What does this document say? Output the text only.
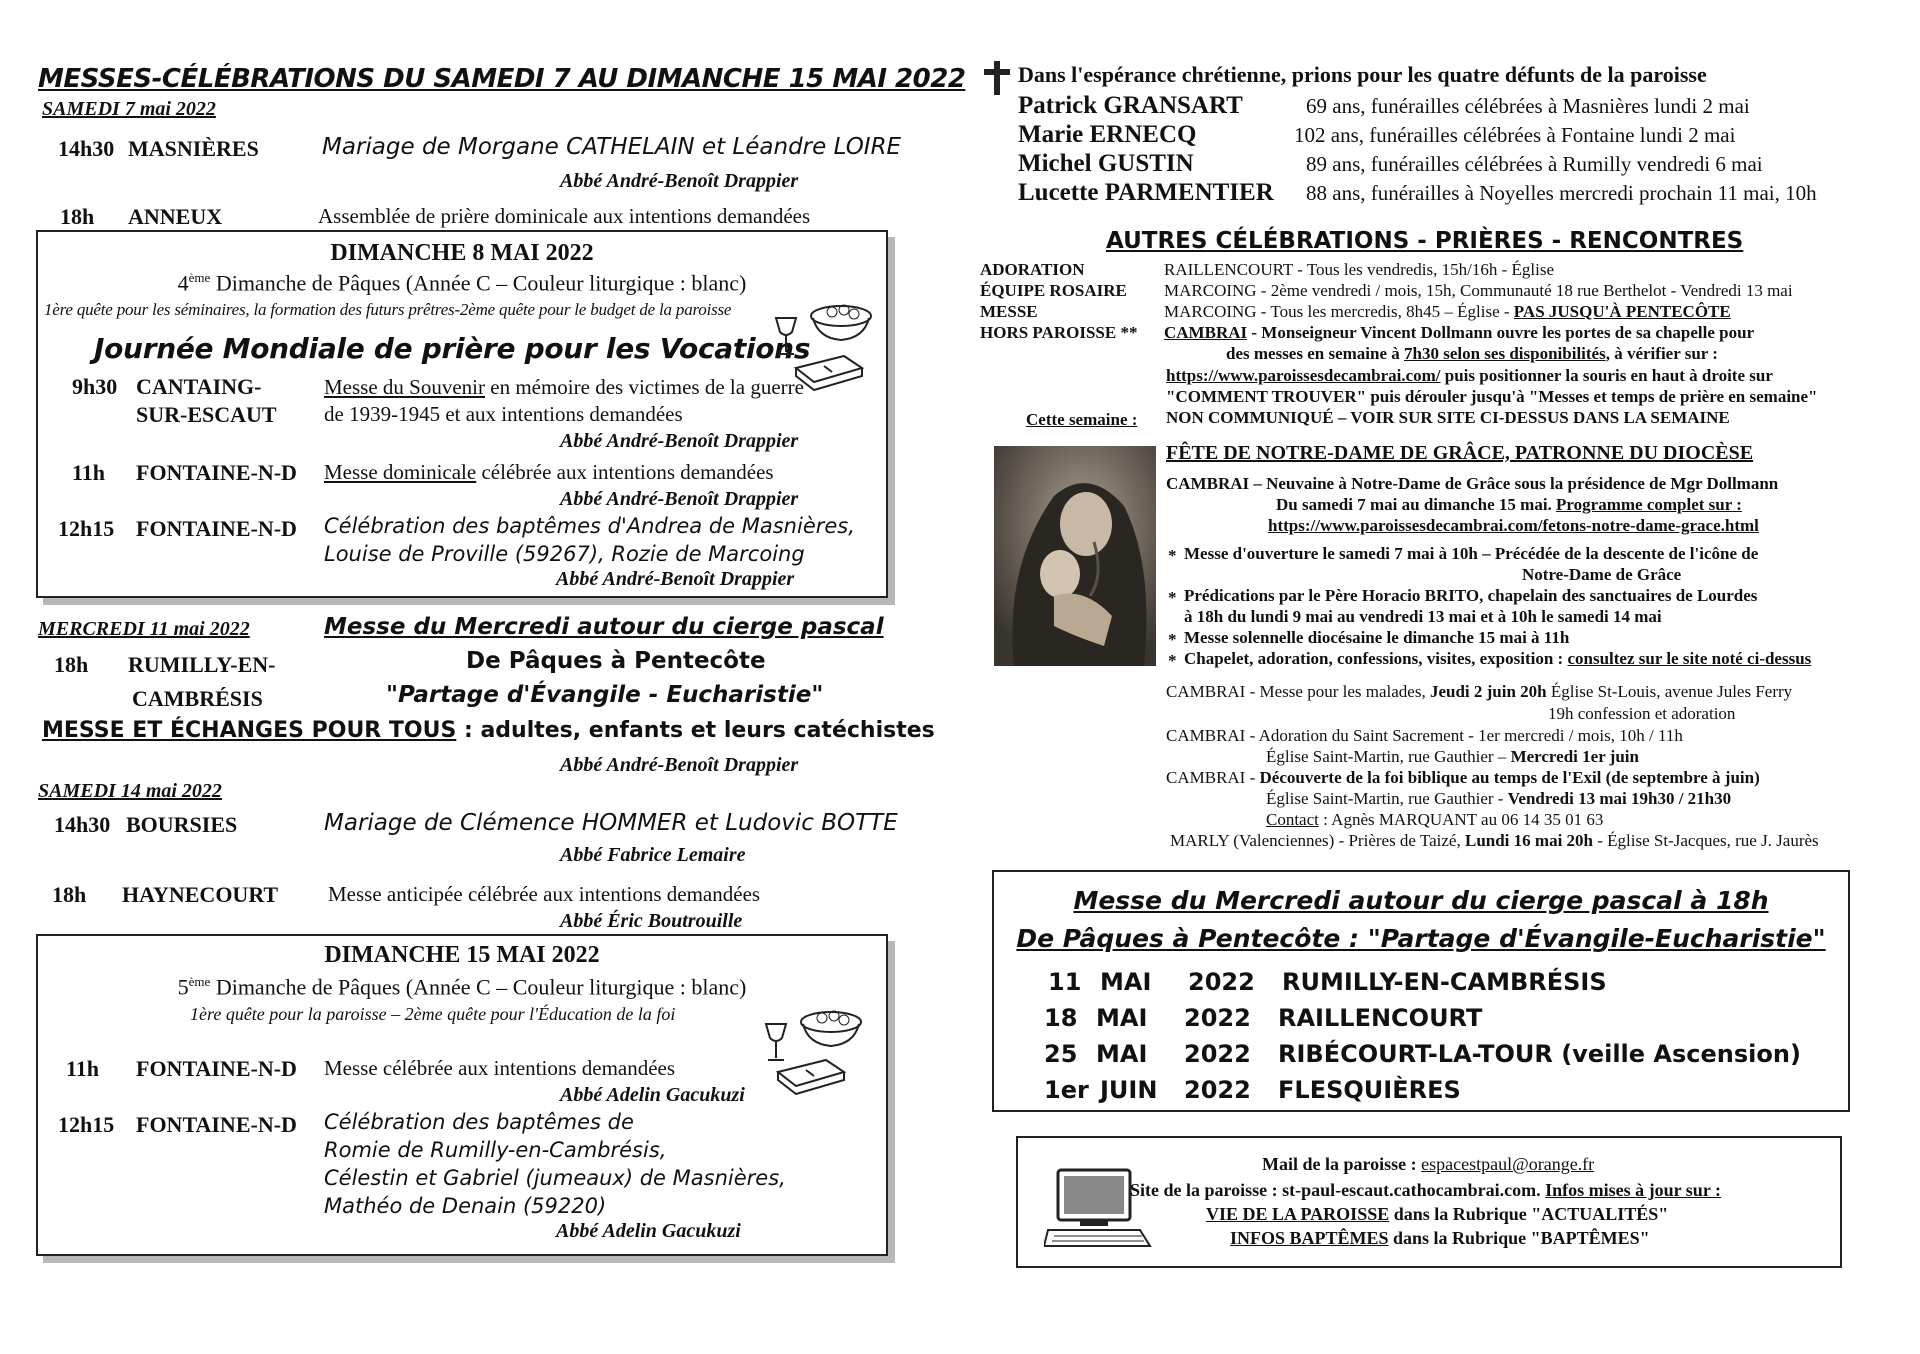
MESSES-CÉLÉBRATIONS DU SAMEDI 7 AU DIMANCHE 15 MAI 2022
SAMEDI 7 mai 2022
14h30 MASNIÈRES	Mariage de Morgane CATHELAIN et Léandre LOIRE
Abbé André-Benoît Drappier
18h ANNEUX	Assemblée de prière dominicale aux intentions demandées
DIMANCHE 8 MAI 2022
4ème Dimanche de Pâques (Année C – Couleur liturgique : blanc)
1ère quête pour les séminaires, la formation des futurs prêtres-2ème quête pour le budget de la paroisse
Journée Mondiale de prière pour les Vocations
9h30 CANTAING-
SUR-ESCAUT
Messe du Souvenir en mémoire des victimes de la guerre
de 1939-1945 et aux intentions demandées
Abbé André-Benoît Drappier
11h FONTAINE-N-D Messe dominicale célébrée aux intentions demandées
Abbé André-Benoît Drappier
12h15 FONTAINE-N-D Célébration des baptêmes d'Andrea de Masnières,
Louise de Proville (59267), Rozie de Marcoing
Abbé André-Benoît Drappier
MERCREDI 11 mai 2022	Messe du Mercredi autour du cierge pascal
18h RUMILLY-EN-
CAMBRÉSIS
De Pâques à Pentecôte
"Partage d'Évangile - Eucharistie"
MESSE ET ÉCHANGES POUR TOUS : adultes, enfants et leurs catéchistes
Abbé André-Benoît Drappier
SAMEDI 14 mai 2022
14h30 BOURSIES	Mariage de Clémence HOMMER et Ludovic BOTTE
Abbé Fabrice Lemaire
18h HAYNECOURT Messe anticipée célébrée aux intentions demandées
Abbé Éric Boutrouille
DIMANCHE 15 MAI 2022
5ème Dimanche de Pâques (Année C – Couleur liturgique : blanc)
1ère quête pour la paroisse – 2ème quête pour l'Éducation de la foi
11h FONTAINE-N-D Messe célébrée aux intentions demandées
Abbé Adelin Gacukuzi
12h15 FONTAINE-N-D Célébration des baptêmes de
Romie de Rumilly-en-Cambrésis,
Célestin et Gabriel (jumeaux) de Masnières,
Mathéo de Denain (59220)
Abbé Adelin Gacukuzi
Dans l'espérance chrétienne, prions pour les quatre défunts de la paroisse
Patrick GRANSART	69 ans, funérailles célébrées à Masnières lundi 2 mai
Marie ERNECQ	102 ans, funérailles célébrées à Fontaine lundi 2 mai
Michel GUSTIN	89 ans, funérailles célébrées à Rumilly vendredi 6 mai
Lucette PARMENTIER 88 ans, funérailles à Noyelles mercredi prochain 11 mai, 10h
AUTRES CÉLÉBRATIONS - PRIÈRES - RENCONTRES
ADORATION	RAILLENCOURT - Tous les vendredis, 15h/16h - Église
ÉQUIPE ROSAIRE MARCOING - 2ème vendredi / mois, 15h, Communauté 18 rue Berthelot - Vendredi 13 mai
MESSE	MARCOING - Tous les mercredis, 8h45 – Église - PAS JUSQU'À PENTECÔTE
HORS PAROISSE ** CAMBRAI - Monseigneur Vincent Dollmann ouvre les portes de sa chapelle pour
des messes en semaine à 7h30 selon ses disponibilités, à vérifier sur :
https://www.paroissesdecambrai.com/ puis positionner la souris en haut à droite sur
"COMMENT TROUVER" puis dérouler jusqu'à "Messes et temps de prière en semaine"
Cette semaine : NON COMMUNIQUÉ – VOIR SUR SITE CI-DESSUS DANS LA SEMAINE
FÊTE DE NOTRE-DAME DE GRÂCE, PATRONNE DU DIOCÈSE
CAMBRAI – Neuvaine à Notre-Dame de Grâce sous la présidence de Mgr Dollmann
Du samedi 7 mai au dimanche 15 mai. Programme complet sur :
https://www.paroissesdecambrai.com/fetons-notre-dame-grace.html
* Messe d'ouverture le samedi 7 mai à 10h – Précédée de la descente de l'icône de
Notre-Dame de Grâce
* Prédications par le Père Horacio BRITO, chapelain des sanctuaires de Lourdes
à 18h du lundi 9 mai au vendredi 13 mai et à 10h le samedi 14 mai
* Messe solennelle diocésaine le dimanche 15 mai à 11h
* Chapelet, adoration, confessions, visites, exposition : consultez sur le site noté ci-dessus
CAMBRAI - Messe pour les malades, Jeudi 2 juin 20h Église St-Louis, avenue Jules Ferry
19h confession et adoration
CAMBRAI - Adoration du Saint Sacrement - 1er mercredi / mois, 10h / 11h
Église Saint-Martin, rue Gauthier – Mercredi 1er juin
CAMBRAI - Découverte de la foi biblique au temps de l'Exil (de septembre à juin)
Église Saint-Martin, rue Gauthier - Vendredi 13 mai 19h30 / 21h30
Contact : Agnès MARQUANT au 06 14 35 01 63
MARLY (Valenciennes) - Prières de Taizé, Lundi 16 mai 20h - Église St-Jacques, rue J. Jaurès
Messe du Mercredi autour du cierge pascal à 18h
De Pâques à Pentecôte : "Partage d'Évangile-Eucharistie"
11 MAI 2022 RUMILLY-EN-CAMBRÉSIS
18 MAI 2022 RAILLENCOURT
25 MAI 2022 RIBÉCOURT-LA-TOUR (veille Ascension)
1er JUIN 2022 FLESQUIÈRES
Mail de la paroisse : espacestpaul@orange.fr
Site de la paroisse : st-paul-escaut.cathocambrai.com. Infos mises à jour sur :
VIE DE LA PAROISSE dans la Rubrique "ACTUALITÉS"
INFOS BAPTÊMES dans la Rubrique "BAPTÊMES"
